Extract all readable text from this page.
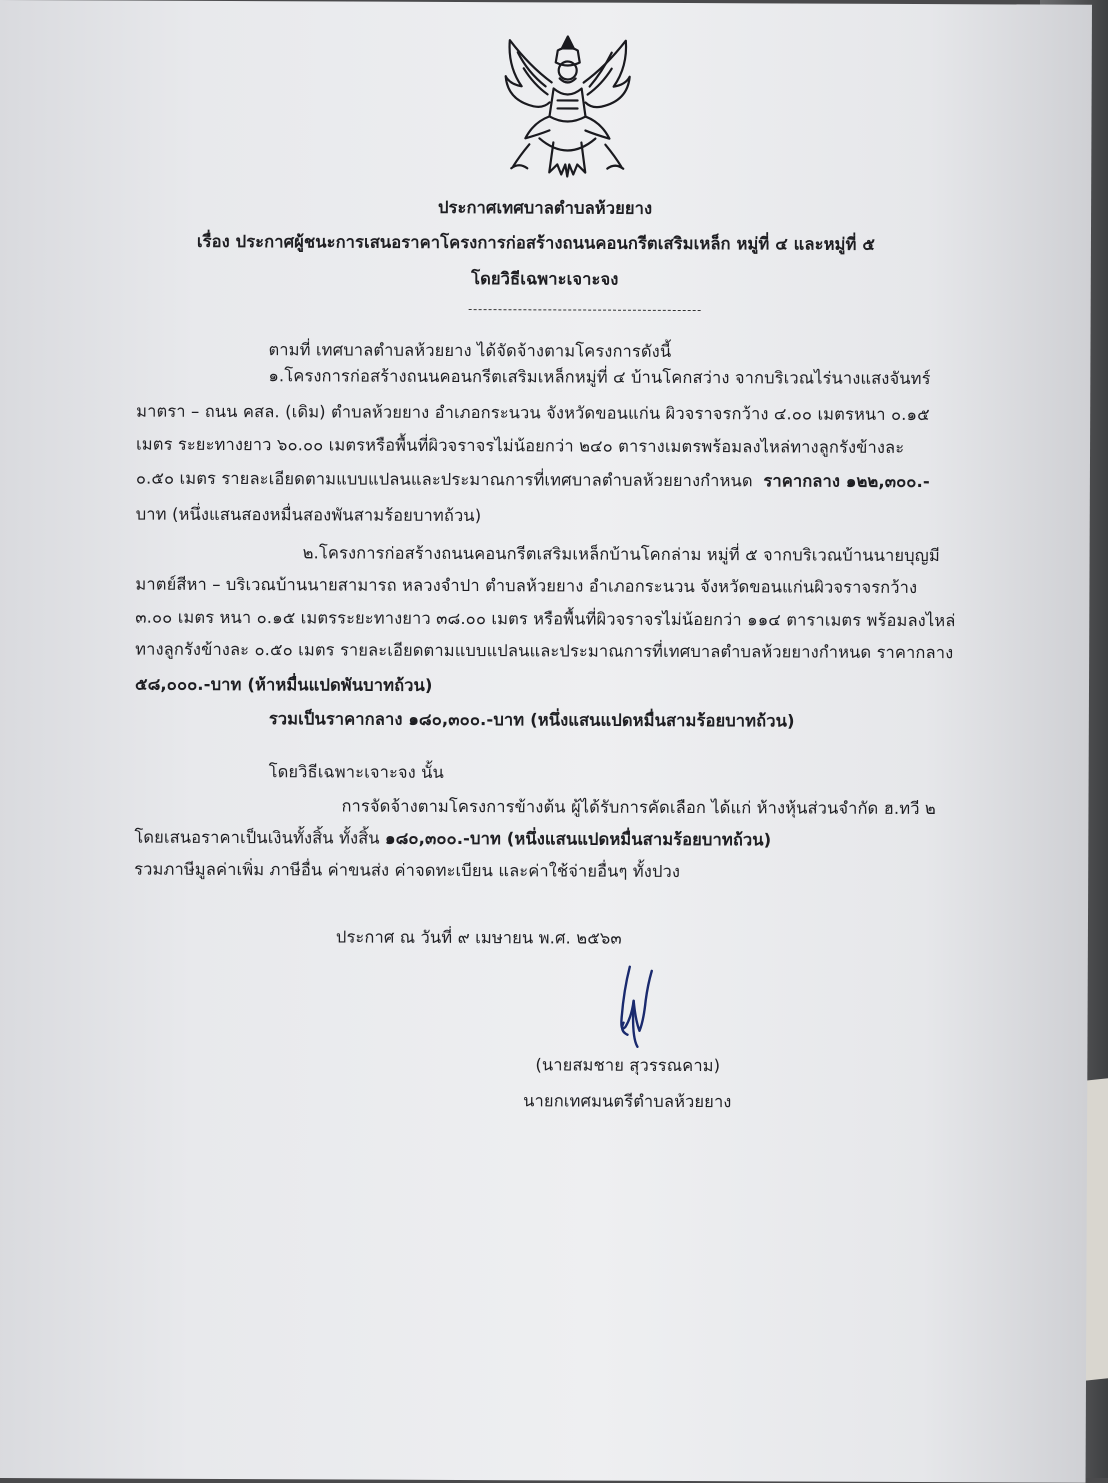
ประกาศเทศบาลตำบลห้วยยาง
เรื่อง ประกาศผู้ชนะการเสนอราคาโครงการก่อสร้างถนนคอนกรีตเสริมเหล็ก หมู่ที่ ๔ และหมู่ที่ ๕
โดยวิธีเฉพาะเจาะจง
ตามที่ เทศบาลตำบลห้วยยาง ได้จัดจ้างตามโครงการดังนี้
๑.โครงการก่อสร้างถนนคอนกรีตเสริมเหล็กหมู่ที่ ๔ บ้านโคกสว่าง จากบริเวณไร่นางแสงจันทร์
มาตรา – ถนน คสล. (เดิม) ตำบลห้วยยาง อำเภอกระนวน จังหวัดขอนแก่น ผิวจราจรกว้าง ๔.๐๐ เมตรหนา ๐.๑๕
เมตร ระยะทางยาว ๖๐.๐๐ เมตรหรือพื้นที่ผิวจราจรไม่น้อยกว่า ๒๔๐ ตารางเมตรพร้อมลงไหล่ทางลูกรังข้างละ
๐.๕๐ เมตร รายละเอียดตามแบบแปลนและประมาณการที่เทศบาลตำบลห้วยยางกำหนด ราคากลาง ๑๒๒,๓๐๐.-
บาท (หนึ่งแสนสองหมื่นสองพันสามร้อยบาทถ้วน)
๒.โครงการก่อสร้างถนนคอนกรีตเสริมเหล็กบ้านโคกล่าม หมู่ที่ ๕ จากบริเวณบ้านนายบุญมี
มาตย์สีหา – บริเวณบ้านนายสามารถ หลวงจำปา ตำบลห้วยยาง อำเภอกระนวน จังหวัดขอนแก่นผิวจราจรกว้าง
๓.๐๐ เมตร หนา ๐.๑๕ เมตรระยะทางยาว ๓๘.๐๐ เมตร หรือพื้นที่ผิวจราจรไม่น้อยกว่า ๑๑๔ ตาราเมตร พร้อมลงไหล่
ทางลูกรังข้างละ ๐.๕๐ เมตร รายละเอียดตามแบบแปลนและประมาณการที่เทศบาลตำบลห้วยยางกำหนด ราคากลาง
๕๘,๐๐๐.-บาท (ห้าหมื่นแปดพันบาทถ้วน)
รวมเป็นราคากลาง ๑๘๐,๓๐๐.-บาท (หนึ่งแสนแปดหมื่นสามร้อยบาทถ้วน)
โดยวิธีเฉพาะเจาะจง นั้น
การจัดจ้างตามโครงการข้างต้น ผู้ได้รับการคัดเลือก ได้แก่ ห้างหุ้นส่วนจำกัด ฮ.ทวี ๒
โดยเสนอราคาเป็นเงินทั้งสิ้น ทั้งสิ้น ๑๘๐,๓๐๐.-บาท (หนึ่งแสนแปดหมื่นสามร้อยบาทถ้วน)
รวมภาษีมูลค่าเพิ่ม ภาษีอื่น ค่าขนส่ง ค่าจดทะเบียน และค่าใช้จ่ายอื่นๆ ทั้งปวง
ประกาศ ณ วันที่ ๙ เมษายน พ.ศ. ๒๕๖๓
(นายสมชาย สุวรรณคาม)
นายกเทศมนตรีตำบลห้วยยาง
